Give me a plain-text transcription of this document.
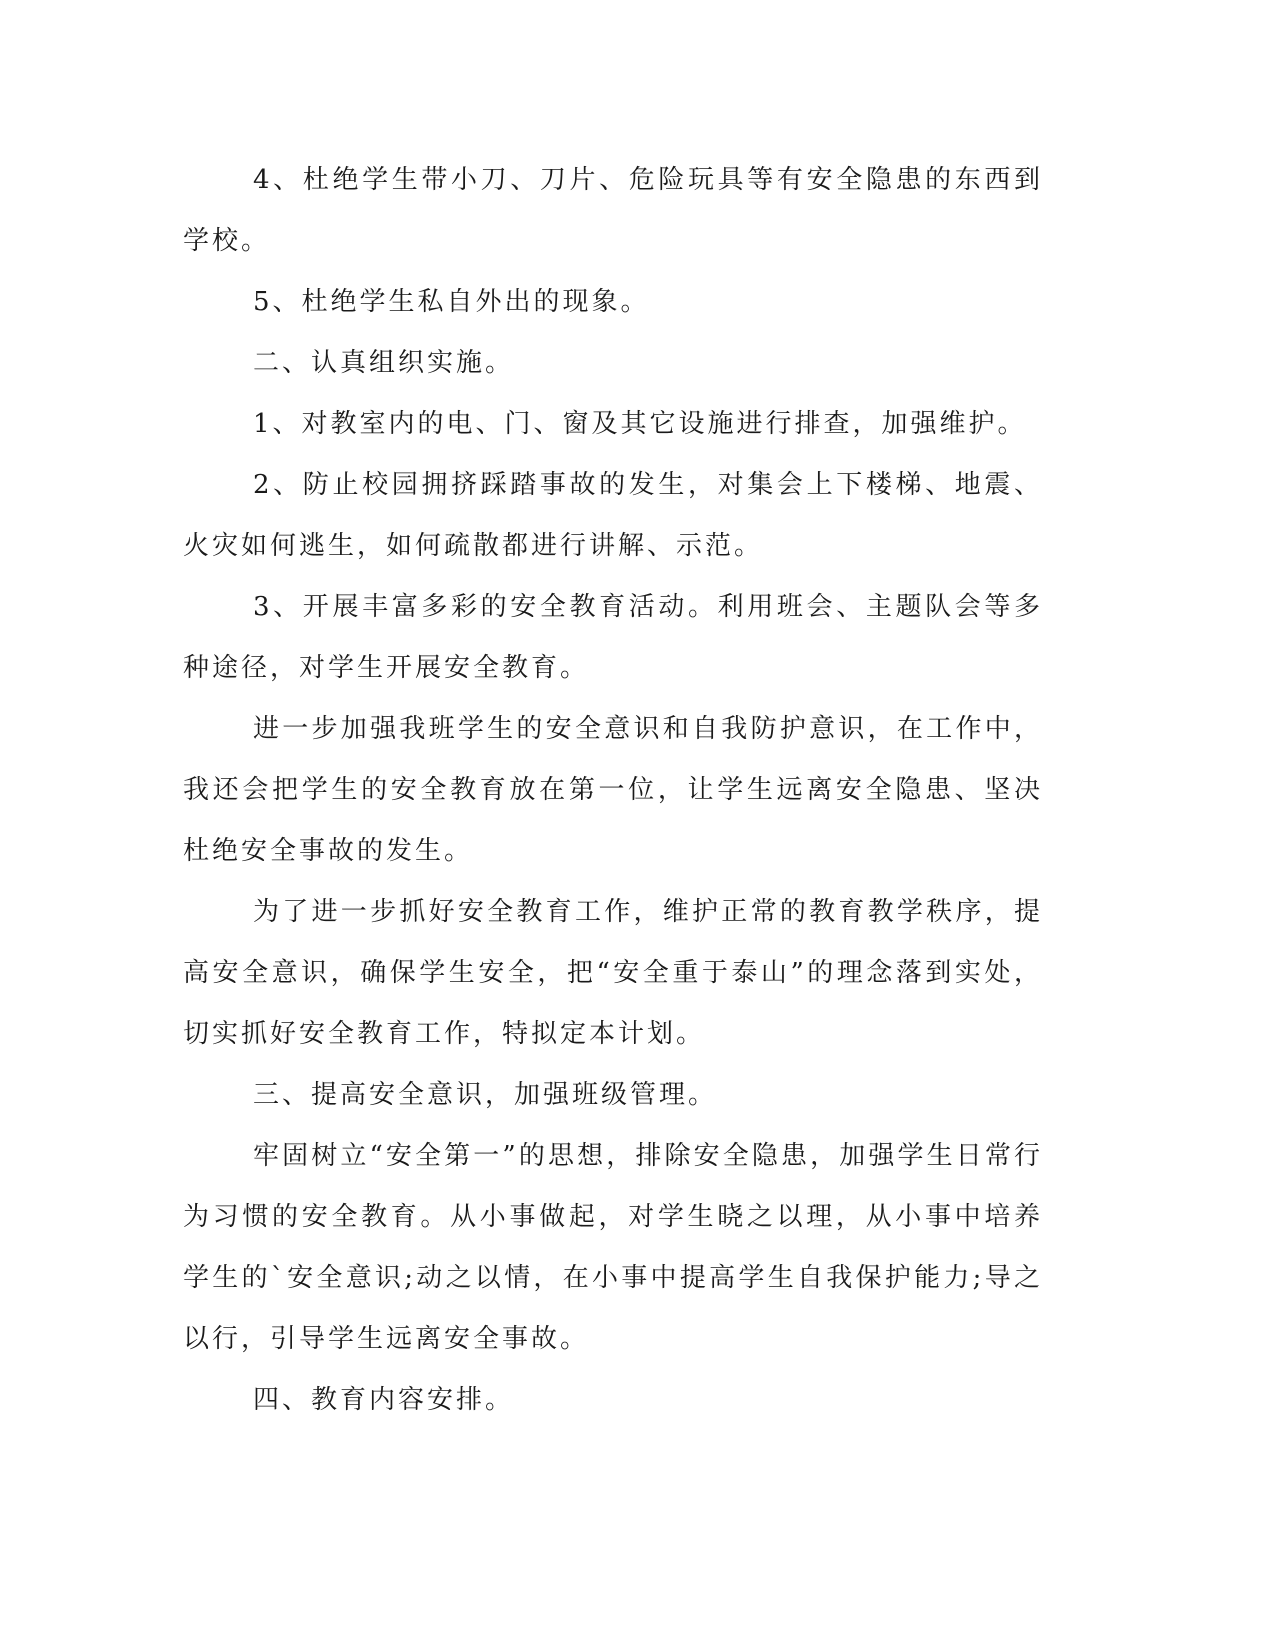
4、杜绝学生带小刀、刀片、危险玩具等有安全隐患的东西到学校。

5、杜绝学生私自外出的现象。

二、认真组织实施。

1、对教室内的电、门、窗及其它设施进行排查，加强维护。

2、防止校园拥挤踩踏事故的发生，对集会上下楼梯、地震、火灾如何逃生，如何疏散都进行讲解、示范。

3、开展丰富多彩的安全教育活动。利用班会、主题队会等多种途径，对学生开展安全教育。

进一步加强我班学生的安全意识和自我防护意识，在工作中，我还会把学生的安全教育放在第一位，让学生远离安全隐患、坚决杜绝安全事故的发生。

为了进一步抓好安全教育工作，维护正常的教育教学秩序，提高安全意识，确保学生安全，把“安全重于泰山”的理念落到实处，切实抓好安全教育工作，特拟定本计划。

三、提高安全意识，加强班级管理。

牢固树立“安全第一”的思想，排除安全隐患，加强学生日常行为习惯的安全教育。从小事做起，对学生晓之以理，从小事中培养学生的`安全意识;动之以情，在小事中提高学生自我保护能力;导之以行，引导学生远离安全事故。

四、教育内容安排。
